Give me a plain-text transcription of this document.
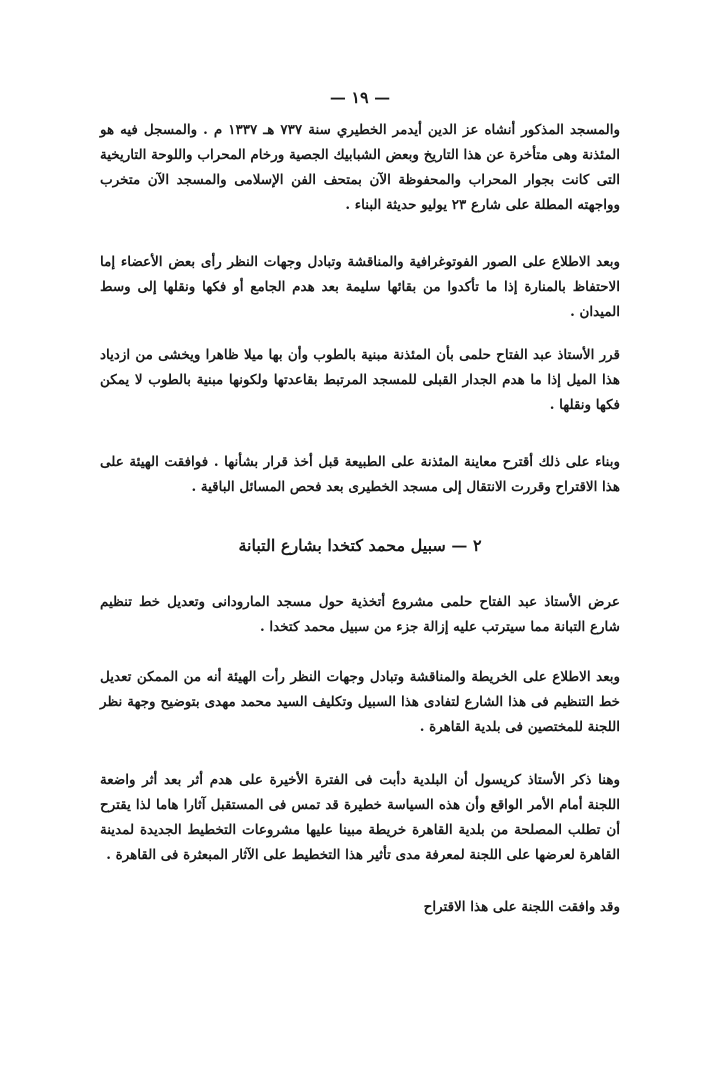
— ١٩ —
والمسجد المذكور أنشاه عز الدين أيدمر الخطيري سنة ٧٣٧ هـ ١٣٣٧ م . والمسجل فيه هو المئذنة وهى متأخرة عن هذا التاريخ وبعض الشبابيك الجصية ورخام المحراب واللوحة التاريخية التى كانت بجوار المحراب والمحفوظة الآن بمتحف الفن الإسلامى والمسجد الآن متخرب وواجهته المطلة على شارع ٢٣ يوليو حديثة البناء .
وبعد الاطلاع على الصور الفوتوغرافية والمناقشة وتبادل وجهات النظر رأى بعض الأعضاء إما الاحتفاظ بالمنارة إذا ما تأكدوا من بقائها سليمة بعد هدم الجامع أو فكها ونقلها إلى وسط الميدان .
قرر الأستاذ عبد الفتاح حلمى بأن المئذنة مبنية بالطوب وأن بها ميلا ظاهرا ويخشى من ازدياد هذا الميل إذا ما هدم الجدار القبلى للمسجد المرتبط بقاعدتها ولكونها مبنية بالطوب لا يمكن فكها ونقلها .
وبناء على ذلك أقترح معاينة المئذنة على الطبيعة قبل أخذ قرار بشأنها . فوافقت الهيئة على هذا الاقتراح وقررت الانتقال إلى مسجد الخطيرى بعد فحص المسائل الباقية .
٢ — سبيل محمد كتخدا بشارع التبانة
عرض الأستاذ عبد الفتاح حلمى مشروع أتخذية حول مسجد المارودانى وتعديل خط تنظيم شارع التبانة مما سيترتب عليه إزالة جزء من سبيل محمد كتخدا .
وبعد الاطلاع على الخريطة والمناقشة وتبادل وجهات النظر رأت الهيئة أنه من الممكن تعديل خط التنظيم فى هذا الشارع لتفادى هذا السبيل وتكليف السيد محمد مهدى بتوضيح وجهة نظر اللجنة للمختصين فى بلدية القاهرة .
وهنا ذكر الأستاذ كريسول أن البلدية دأبت فى الفترة الأخيرة على هدم أثر بعد أثر واضعة اللجنة أمام الأمر الواقع وأن هذه السياسة خطيرة قد تمس فى المستقبل آثارا هاما لذا يقترح أن تطلب المصلحة من بلدية القاهرة خريطة مبينا عليها مشروعات التخطيط الجديدة لمدينة القاهرة لعرضها على اللجنة لمعرفة مدى تأثير هذا التخطيط على الآثار المبعثرة فى القاهرة .
وقد وافقت اللجنة على هذا الاقتراح
